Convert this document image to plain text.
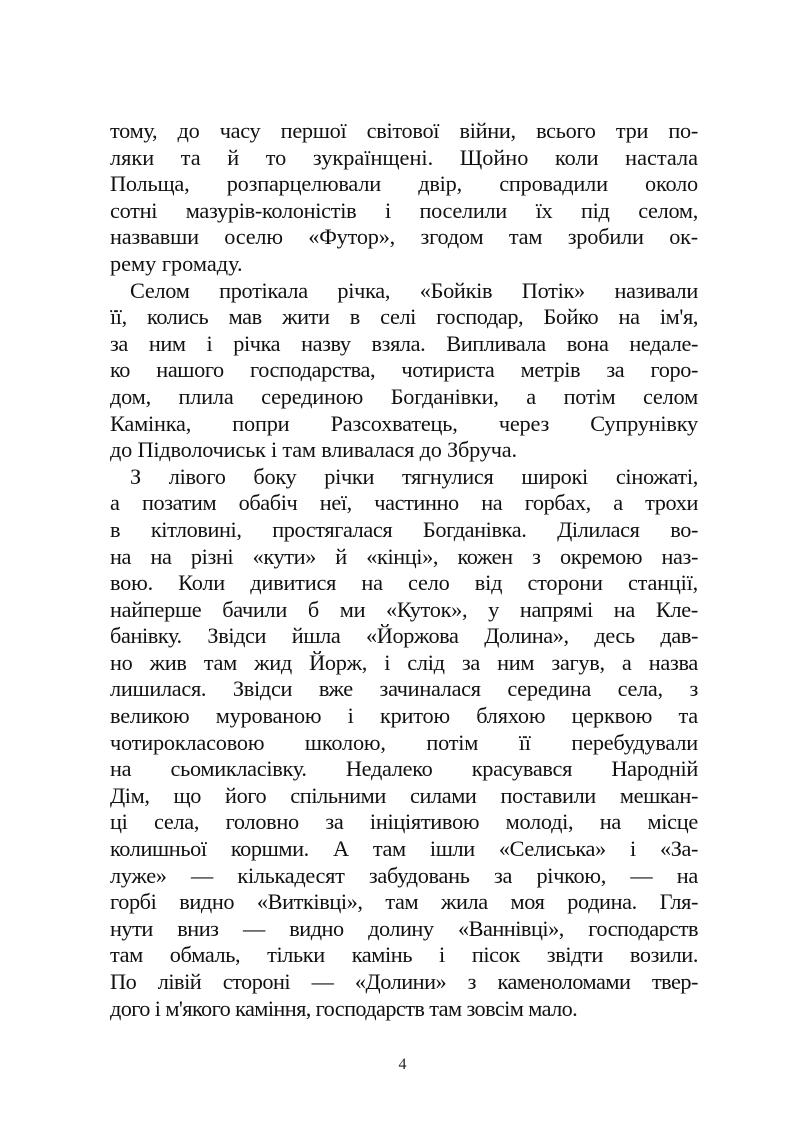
тому, до часу першої світової війни, всього три по-
ляки та й то зукраїнщені. Щойно коли настала
Польща, розпарцелювали двір, спровадили около
сотні мазурів-колоністів і поселили їх під селом,
назвавши оселю «Футор», згодом там зробили ок-
рему громаду.
Селом протікала річка, «Бойків Потік» називали
її, колись мав жити в селі господар, Бойко на ім'я,
за ним і річка назву взяла. Випливала вона недале-
ко нашого господарства, чотириста метрів за горо-
дом, плила серединою Богданівки, а потім селом
Камінка, попри Разсохватець, через Супрунівку
до Підволочиськ і там вливалася до Збруча.
З лівого боку річки тягнулися широкі сіножаті,
а позатим обабіч неї, частинно на горбах, а трохи
в кітловині, простягалася Богданівка. Ділилася во-
на на різні «кути» й «кінці», кожен з окремою наз-
вою. Коли дивитися на село від сторони станції,
найперше бачили б ми «Куток», у напрямі на Кле-
банівку. Звідси йшла «Йоржова Долина», десь дав-
но жив там жид Йорж, і слід за ним загув, а назва
лишилася. Звідси вже зачиналася середина села, з
великою мурованою і критою бляхою церквою та
чотирокласовою школою, потім її перебудували
на сьомикласівку. Недалеко красувався Народній
Дім, що його спільними силами поставили мешкан-
ці села, головно за ініціятивою молоді, на місце
колишньої коршми. А там ішли «Селиська» і «За-
луже» — кількадесят забудовань за річкою, — на
горбі видно «Витківці», там жила моя родина. Гля-
нути вниз — видно долину «Ваннівці», господарств
там обмаль, тільки камінь і пісок звідти возили.
По лівій стороні — «Долини» з каменоломами твер-
дого і м'якого каміння, господарств там зовсім мало.
4
